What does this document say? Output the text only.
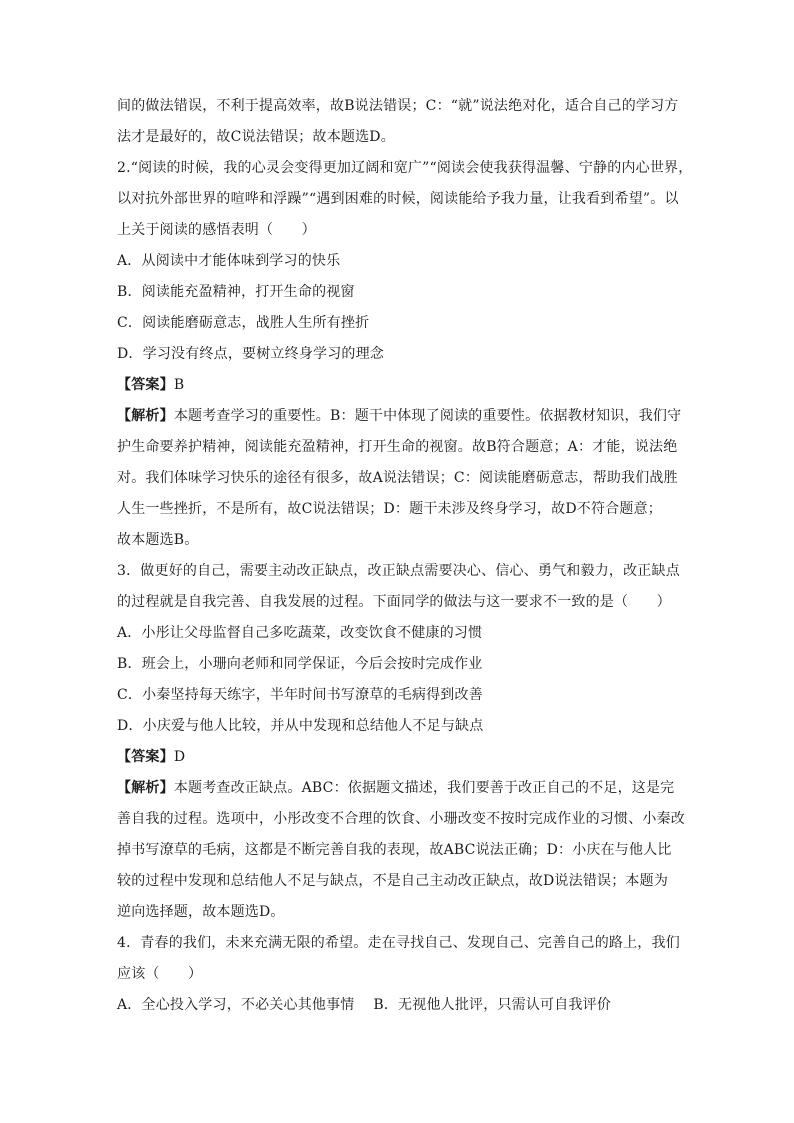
间的做法错误，不利于提高效率，故B说法错误；C：“就”说法绝对化，适合自己的学习方
法才是最好的，故C说法错误；故本题选D。
2.“阅读的时候，我的心灵会变得更加辽阔和宽广”“阅读会使我获得温馨、宁静的内心世界，
以对抗外部世界的喧哗和浮躁”“遇到困难的时候，阅读能给予我力量，让我看到希望”。以
上关于阅读的感悟表明（　　）
A．从阅读中才能体味到学习的快乐
B．阅读能充盈精神，打开生命的视窗
C．阅读能磨砺意志，战胜人生所有挫折
D．学习没有终点，要树立终身学习的理念
【答案】B
【解析】本题考查学习的重要性。B：题干中体现了阅读的重要性。依据教材知识，我们守
护生命要养护精神，阅读能充盈精神，打开生命的视窗。故B符合题意；A：才能，说法绝
对。我们体味学习快乐的途径有很多，故A说法错误；C：阅读能磨砺意志，帮助我们战胜
人生一些挫折，不是所有，故C说法错误；D：题干未涉及终身学习，故D不符合题意；
故本题选B。
3．做更好的自己，需要主动改正缺点，改正缺点需要决心、信心、勇气和毅力，改正缺点
的过程就是自我完善、自我发展的过程。下面同学的做法与这一要求不一致的是（　　）
A．小彤让父母监督自己多吃蔬菜，改变饮食不健康的习惯
B．班会上，小珊向老师和同学保证，今后会按时完成作业
C．小秦坚持每天练字，半年时间书写潦草的毛病得到改善
D．小庆爱与他人比较，并从中发现和总结他人不足与缺点
【答案】D
【解析】本题考查改正缺点。ABC：依据题文描述，我们要善于改正自己的不足，这是完
善自我的过程。选项中，小彤改变不合理的饮食、小珊改变不按时完成作业的习惯、小秦改
掉书写潦草的毛病，这都是不断完善自我的表现，故ABC说法正确；D：小庆在与他人比
较的过程中发现和总结他人不足与缺点，不是自己主动改正缺点，故D说法错误；本题为
逆向选择题，故本题选D。
4．青春的我们，未来充满无限的希望。走在寻找自己、发现自己、完善自己的路上，我们
应该（　　）
A．全心投入学习，不必关心其他事情　 B．无视他人批评，只需认可自我评价
